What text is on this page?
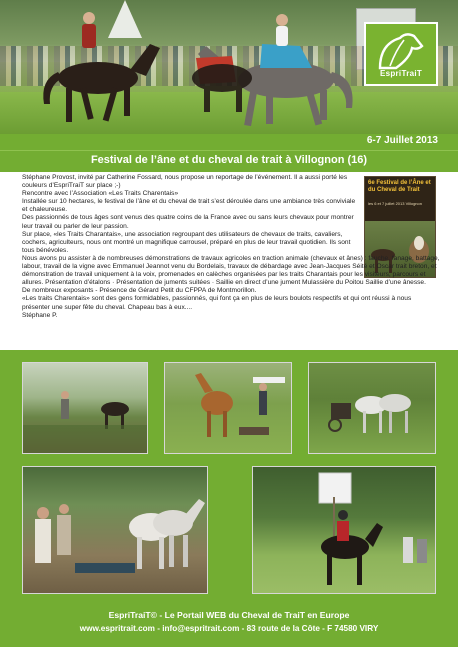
EspriTraiT
6-7 Juillet 2013
Festival de l’âne et du cheval de trait à Villognon (16)
6e Festival de l’Âne et du Cheval de Trait
les 6 et 7 juillet 2013 Villognon

Stéphane Provost, invité par Catherine Fossard, nous propose un reportage de l’événement. Il a aussi porté les couleurs d’EspriTraiT sur place ;-)

Rencontre avec l’Association «Les Traits Charentais»

Installée sur 10 hectares, le festival de l’âne et du cheval de trait s’est déroulée dans une ambiance très conviviale et chaleureuse.

Des passionnés de tous âges sont venus des quatre coins de la France avec ou sans leurs chevaux pour montrer leur travail ou parler de leur passion.

Sur place, «les Traits Charantais», une association regroupant des utilisateurs de chevaux de traits, cavaliers, cochers, agriculteurs, nous ont montré un magnifique carrousel, préparé en plus de leur travail quotidien. Ils sont tous bénévoles.

Nous avons pu assister à de nombreuses démonstrations de travaux agricoles en traction animale (chevaux et ânes) : fauche, fanage, battage, labour, travail de la vigne avec Emmanuel Jeannot venu du Bordelais, travaux de débardage avec Jean-Jacques Séité et Oscar trait breton, et démonstration de travail uniquement à la voix, promenades en calèches organisées par les traits Charantais pour les visiteurs, parcours et allures. Présentation d’étalons · Présentation de juments suitées · Saillie en direct d’une jument Mulassière du Poitou Saillie d’une ânesse.

De nombreux exposants - Présence de Gérard Petit du CFPPA de Montmorillon.

«Les traits Charentais» sont des gens formidables, passionnés, qui font ça en plus de leurs boulots respectifs et qui ont réussi à nous présenter une super fête du cheval. Chapeau bas à eux....

Stéphane P.

EspriTraiT© - Le Portail WEB du Cheval de TraiT en Europe
www.espritrait.com - info@espritrait.com - 83 route de la Côte - F 74580 VIRY
